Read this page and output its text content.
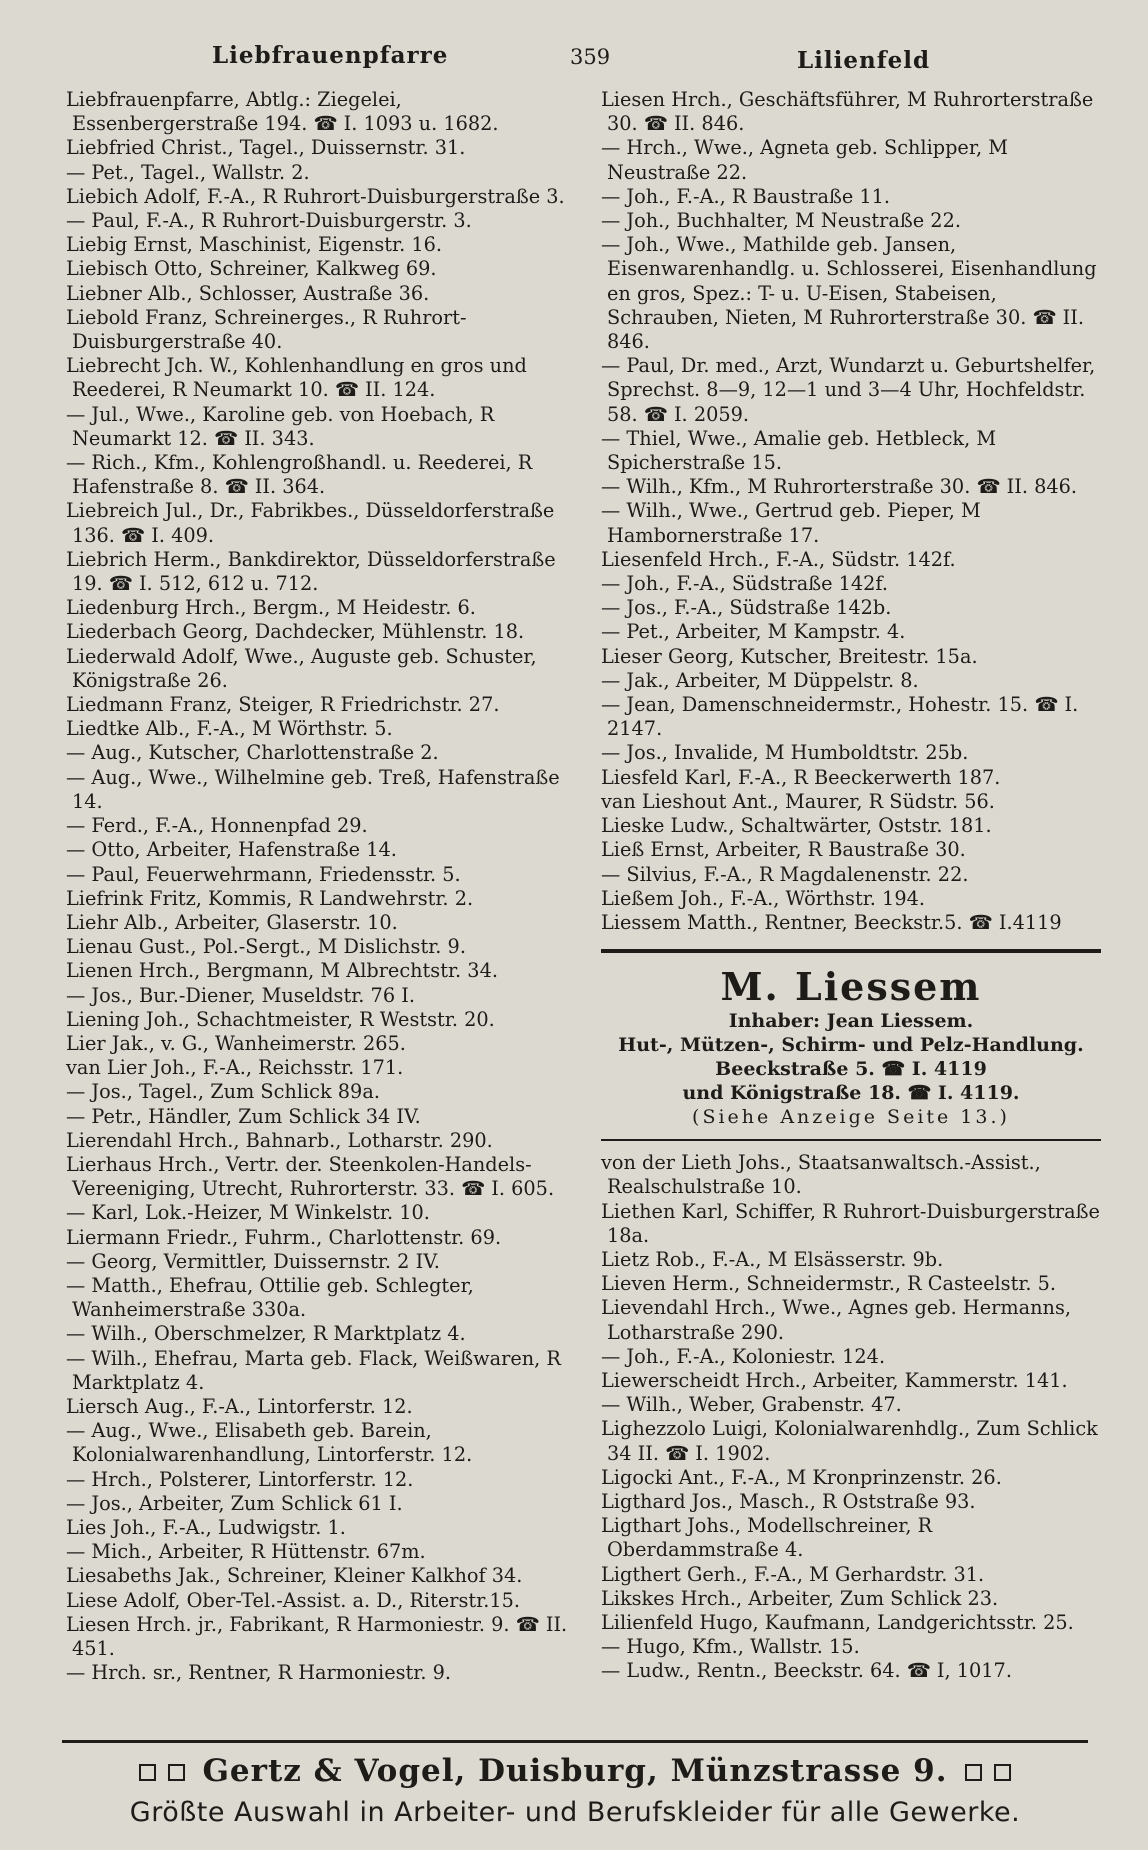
Liebfrauenpfarre	359	Lilienfeld

Liebfrauenpfarre, Abtlg.: Ziegelei, Essenbergerstraße 194. ☎ I. 1093 u. 1682.

Liebfried Christ., Tagel., Duissernstr. 31.

— Pet., Tagel., Wallstr. 2.

Liebich Adolf, F.-A., R Ruhrort-Duisburgerstraße 3.

— Paul, F.-A., R Ruhrort-Duisburgerstr. 3.

Liebig Ernst, Maschinist, Eigenstr. 16.

Liebisch Otto, Schreiner, Kalkweg 69.

Liebner Alb., Schlosser, Austraße 36.

Liebold Franz, Schreinerges., R Ruhrort-Duisburgerstraße 40.

Liebrecht Jch. W., Kohlenhandlung en gros und Reederei, R Neumarkt 10. ☎ II. 124.

— Jul., Wwe., Karoline geb. von Hoebach, R Neumarkt 12. ☎ II. 343.

— Rich., Kfm., Kohlengroßhandl. u. Reederei, R Hafenstraße 8. ☎ II. 364.

Liebreich Jul., Dr., Fabrikbes., Düsseldorferstraße 136. ☎ I. 409.

Liebrich Herm., Bankdirektor, Düsseldorferstraße 19. ☎ I. 512, 612 u. 712.

Liedenburg Hrch., Bergm., M Heidestr. 6.

Liederbach Georg, Dachdecker, Mühlenstr. 18.

Liederwald Adolf, Wwe., Auguste geb. Schuster, Königstraße 26.

Liedmann Franz, Steiger, R Friedrichstr. 27.

Liedtke Alb., F.-A., M Wörthstr. 5.

— Aug., Kutscher, Charlottenstraße 2.

— Aug., Wwe., Wilhelmine geb. Treß, Hafenstraße 14.

— Ferd., F.-A., Honnenpfad 29.

— Otto, Arbeiter, Hafenstraße 14.

— Paul, Feuerwehrmann, Friedensstr. 5.

Liefrink Fritz, Kommis, R Landwehrstr. 2.

Liehr Alb., Arbeiter, Glaserstr. 10.

Lienau Gust., Pol.-Sergt., M Dislichstr. 9.

Lienen Hrch., Bergmann, M Albrechtstr. 34.

— Jos., Bur.-Diener, Museldstr. 76 I.

Liening Joh., Schachtmeister, R Weststr. 20.

Lier Jak., v. G., Wanheimerstr. 265.

van Lier Joh., F.-A., Reichsstr. 171.

— Jos., Tagel., Zum Schlick 89a.

— Petr., Händler, Zum Schlick 34 IV.

Lierendahl Hrch., Bahnarb., Lotharstr. 290.

Lierhaus Hrch., Vertr. der. Steenkolen-Handels-Vereeniging, Utrecht, Ruhrorterstr. 33. ☎ I. 605.

— Karl, Lok.-Heizer, M Winkelstr. 10.

Liermann Friedr., Fuhrm., Charlottenstr. 69.

— Georg, Vermittler, Duissernstr. 2 IV.

— Matth., Ehefrau, Ottilie geb. Schlegter, Wanheimerstraße 330a.

— Wilh., Oberschmelzer, R Marktplatz 4.

— Wilh., Ehefrau, Marta geb. Flack, Weißwaren, R Marktplatz 4.

Liersch Aug., F.-A., Lintorferstr. 12.

— Aug., Wwe., Elisabeth geb. Barein, Kolonialwarenhandlung, Lintorferstr. 12.

— Hrch., Polsterer, Lintorferstr. 12.

— Jos., Arbeiter, Zum Schlick 61 I.

Lies Joh., F.-A., Ludwigstr. 1.

— Mich., Arbeiter, R Hüttenstr. 67m.

Liesabeths Jak., Schreiner, Kleiner Kalkhof 34.

Liese Adolf, Ober-Tel.-Assist. a. D., Riterstr.15.

Liesen Hrch. jr., Fabrikant, R Harmoniestr. 9. ☎ II. 451.

— Hrch. sr., Rentner, R Harmoniestr. 9.

Liesen Hrch., Geschäftsführer, M Ruhrorterstraße 30. ☎ II. 846.

— Hrch., Wwe., Agneta geb. Schlipper, M Neustraße 22.

— Joh., F.-A., R Baustraße 11.

— Joh., Buchhalter, M Neustraße 22.

— Joh., Wwe., Mathilde geb. Jansen, Eisenwarenhandlg. u. Schlosserei, Eisenhandlung en gros, Spez.: T- u. U-Eisen, Stabeisen, Schrauben, Nieten, M Ruhrorterstraße 30. ☎ II. 846.

— Paul, Dr. med., Arzt, Wundarzt u. Geburtshelfer, Sprechst. 8—9, 12—1 und 3—4 Uhr, Hochfeldstr. 58. ☎ I. 2059.

— Thiel, Wwe., Amalie geb. Hetbleck, M Spicherstraße 15.

— Wilh., Kfm., M Ruhrorterstraße 30. ☎ II. 846.

— Wilh., Wwe., Gertrud geb. Pieper, M Hambornerstraße 17.

Liesenfeld Hrch., F.-A., Südstr. 142f.

— Joh., F.-A., Südstraße 142f.

— Jos., F.-A., Südstraße 142b.

— Pet., Arbeiter, M Kampstr. 4.

Lieser Georg, Kutscher, Breitestr. 15a.

— Jak., Arbeiter, M Düppelstr. 8.

— Jean, Damenschneidermstr., Hohestr. 15. ☎ I. 2147.

— Jos., Invalide, M Humboldtstr. 25b.

Liesfeld Karl, F.-A., R Beeckerwerth 187.

van Lieshout Ant., Maurer, R Südstr. 56.

Lieske Ludw., Schaltwärter, Oststr. 181.

Ließ Ernst, Arbeiter, R Baustraße 30.

— Silvius, F.-A., R Magdalenenstr. 22.

Ließem Joh., F.-A., Wörthstr. 194.

Liessem Matth., Rentner, Beeckstr.5. ☎ I.4119

M. Liessem
Inhaber: Jean Liessem.
Hut-, Mützen-, Schirm- und Pelz-Handlung.
Beeckstraße 5. ☎ I. 4119
und Königstraße 18. ☎ I. 4119.
(Siehe Anzeige Seite 13.)

von der Lieth Johs., Staatsanwaltsch.-Assist., Realschulstraße 10.

Liethen Karl, Schiffer, R Ruhrort-Duisburgerstraße 18a.

Lietz Rob., F.-A., M Elsässerstr. 9b.

Lieven Herm., Schneidermstr., R Casteelstr. 5.

Lievendahl Hrch., Wwe., Agnes geb. Hermanns, Lotharstraße 290.

— Joh., F.-A., Koloniestr. 124.

Liewerscheidt Hrch., Arbeiter, Kammerstr. 141.

— Wilh., Weber, Grabenstr. 47.

Lighezzolo Luigi, Kolonialwarenhdlg., Zum Schlick 34 II. ☎ I. 1902.

Ligocki Ant., F.-A., M Kronprinzenstr. 26.

Ligthard Jos., Masch., R Oststraße 93.

Ligthart Johs., Modellschreiner, R Oberdammstraße 4.

Ligthert Gerh., F.-A., M Gerhardstr. 31.

Likskes Hrch., Arbeiter, Zum Schlick 23.

Lilienfeld Hugo, Kaufmann, Landgerichtsstr. 25.

— Hugo, Kfm., Wallstr. 15.

— Ludw., Rentn., Beeckstr. 64. ☎ I, 1017.

Gertz & Vogel, Duisburg, Münzstrasse 9.
Größte Auswahl in Arbeiter- und Berufskleider für alle Gewerke.
